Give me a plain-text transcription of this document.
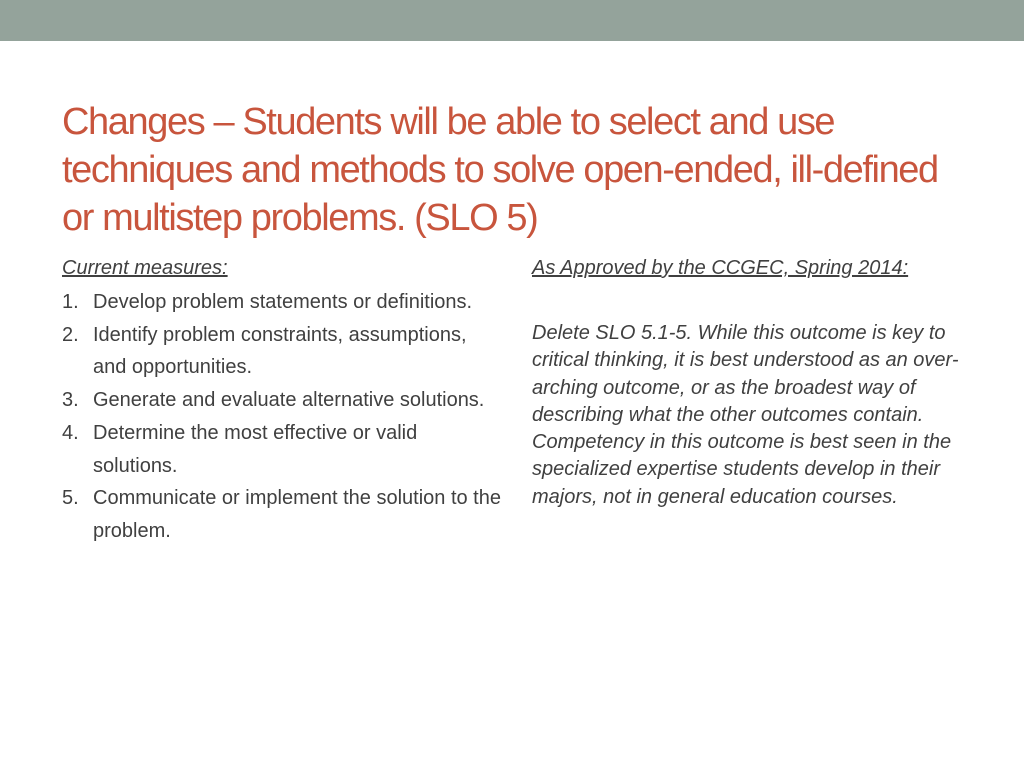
Changes – Students will be able to select and use techniques and methods to solve open-ended, ill-defined or multistep problems. (SLO 5)
Current measures:
1. Develop problem statements or definitions.
2. Identify problem constraints, assumptions, and opportunities.
3. Generate and evaluate alternative solutions.
4. Determine the most effective or valid solutions.
5. Communicate or implement the solution to the problem.
As Approved by the CCGEC, Spring 2014:

Delete SLO 5.1-5. While this outcome is key to critical thinking, it is best understood as an over-arching outcome, or as the broadest way of describing what the other outcomes contain. Competency in this outcome is best seen in the specialized expertise students develop in their majors, not in general education courses.
